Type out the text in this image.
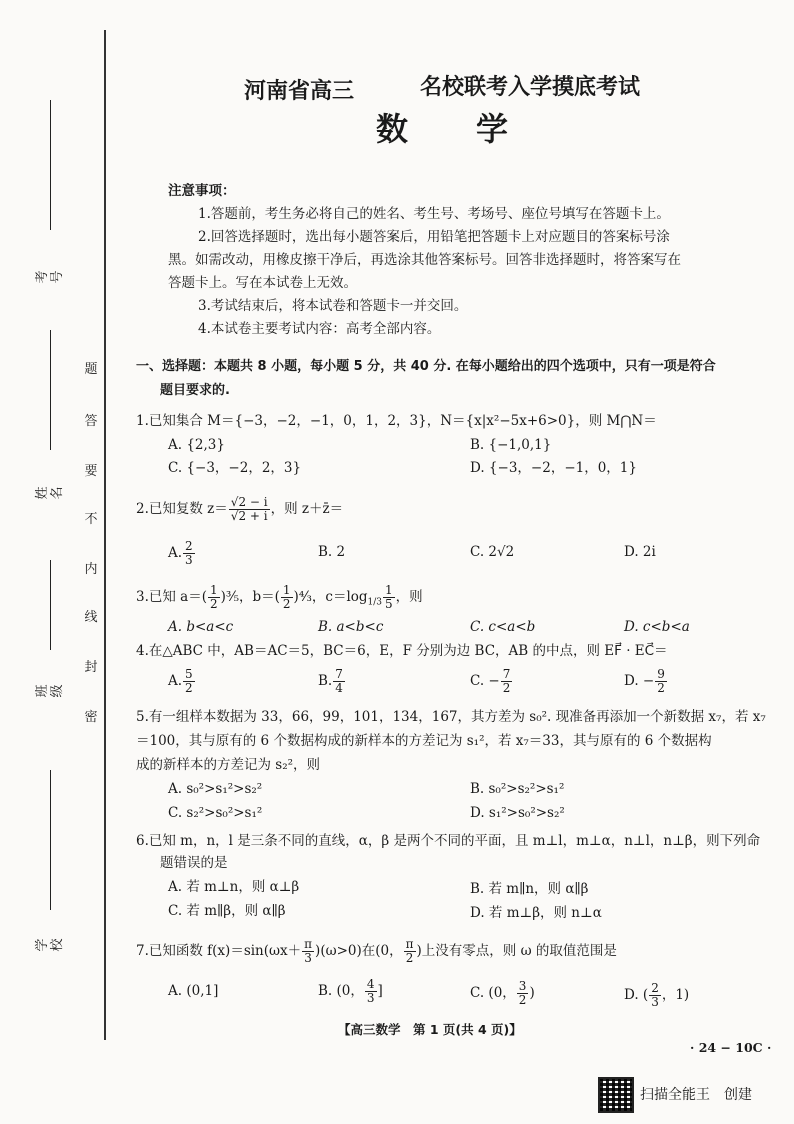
考 号
姓 名
班 级
学 校
题
答
要
不
内
线
封
密
河南省高三	名校联考入学摸底考试
数　学
注意事项：
1.答题前，考生务必将自己的姓名、考生号、考场号、座位号填写在答题卡上。
2.回答选择题时，选出每小题答案后，用铅笔把答题卡上对应题目的答案标号涂
黑。如需改动，用橡皮擦干净后，再选涂其他答案标号。回答非选择题时，将答案写在
答题卡上。写在本试卷上无效。
3.考试结束后，将本试卷和答题卡一并交回。
4.本试卷主要考试内容：高考全部内容。
一、选择题：本题共 8 小题，每小题 5 分，共 40 分. 在每小题给出的四个选项中，只有一项是符合
题目要求的.
1.已知集合 M＝{−3，−2，−1，0，1，2，3}，N＝{x|x²−5x+6>0}，则 M⋂N＝
A. {2,3}	B. {−1,0,1}
C. {−3，−2，2，3}	D. {−3，−2，−1，0，1}
2.已知复数 $z= \frac{√2 - i}{√2 + i}$ ，则 z＋z̄＝
A. $\frac{2}{3}$	B. 2	C. 2√2	D. 2i
3.已知 $a=( \frac{1}{2}$ )³⁄₅，$b=( \frac{1}{2}$ )⁴⁄₃，$c=\log_{1/3} \frac{1}{5}$ ，则
A. b<a<c	B. a<b<c	C. c<a<b	D. c<b<a
4.在△ABC 中，AB＝AC＝5，BC＝6，E，F 分别为边 BC，AB 的中点，则 EF⃗ · EC⃗＝
A. $\frac{5}{2}$	B. $\frac{7}{4}$	C. − $\frac{7}{2}$	D. − $\frac{9}{2}$
5.有一组样本数据为 33，66，99，101，134，167，其方差为 s₀². 现准备再添加一个新数据 x₇，若 x₇
＝100，其与原有的 6 个数据构成的新样本的方差记为 s₁²，若 x₇＝33，其与原有的 6 个数据构
成的新样本的方差记为 s₂²，则
A. s₀²>s₁²>s₂²	B. s₀²>s₂²>s₁²
C. s₂²>s₀²>s₁²	D. s₁²>s₀²>s₂²
6.已知 m，n，l 是三条不同的直线，α，β 是两个不同的平面，且 m⊥l，m⊥α，n⊥l，n⊥β，则下列命
题错误的是
A. 若 m⊥n，则 α⊥β	B. 若 m∥n，则 α∥β
C. 若 m∥β，则 α∥β	D. 若 m⊥β，则 n⊥α
7.已知函数 $f(x)=\sin(\omega x+ \frac{\pi}{3} )(\omega>0)$在(0， $\frac{\pi}{2}$ )上没有零点，则 ω 的取值范围是
A. (0,1]	B. (0， $\frac{4}{3}$ ]	C. (0， $\frac{3}{2}$ )	D. ( $\frac{2}{3}$ ，1)
【高三数学　第 1 页(共 4 页)】
· 24 − 10C ·
扫描全能王　创建
